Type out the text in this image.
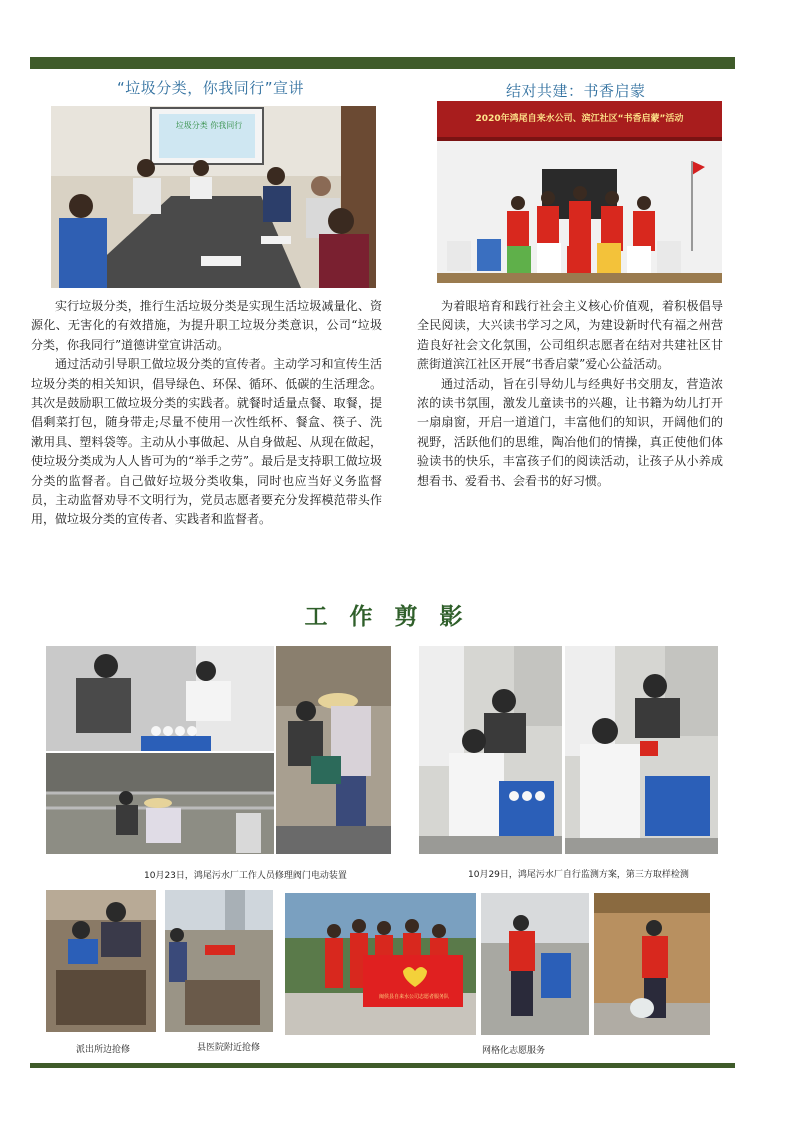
“垃圾分类，你我同行”宣讲
垃圾分类 你我同行

实行垃圾分类，推行生活垃圾分类是实现生活垃圾减量化、资源化、无害化的有效措施，为提升职工垃圾分类意识，公司“垃圾分类，你我同行”道德讲堂宣讲活动。

通过活动引导职工做垃圾分类的宣传者。主动学习和宣传生活垃圾分类的相关知识，倡导绿色、环保、循环、低碳的生活理念。其次是鼓励职工做垃圾分类的实践者。就餐时适量点餐、取餐，提倡剩菜打包，随身带走;尽量不使用一次性纸杯、餐盒、筷子、洗漱用具、塑料袋等。主动从小事做起、从自身做起、从现在做起，使垃圾分类成为人人皆可为的“举手之劳”。最后是支持职工做垃圾分类的监督者。自己做好垃圾分类收集，同时也应当好义务监督员，主动监督劝导不文明行为，党员志愿者要充分发挥模范带头作用，做垃圾分类的宣传者、实践者和监督者。

结对共建：书香启蒙
2020年鸿尾自来水公司、滨江社区“书香启蒙”活动

为着眼培育和践行社会主义核心价值观，着积极倡导全民阅读，大兴读书学习之风，为建设新时代有福之州营造良好社会文化氛围，公司组织志愿者在结对共建社区甘蔗街道滨江社区开展“书香启蒙”爱心公益活动。

通过活动，旨在引导幼儿与经典好书交朋友，营造浓浓的读书氛围，激发儿童读书的兴趣，让书籍为幼儿打开一扇扇窗，开启一道道门，丰富他们的知识，开阔他们的视野，活跃他们的思维，陶冶他们的情操，真正使他们体验读书的快乐，丰富孩子们的阅读活动，让孩子从小养成想看书、爱看书、会看书的好习惯。

工作剪影
10月23日，鸿尾污水厂工作人员修理阀门电动装置	10月29日，鸿尾污水厂自行监测方案，第三方取样检测
闽侯县自来水公司志愿者服务队
派出所边抢修	县医院附近抢修	网格化志愿服务
